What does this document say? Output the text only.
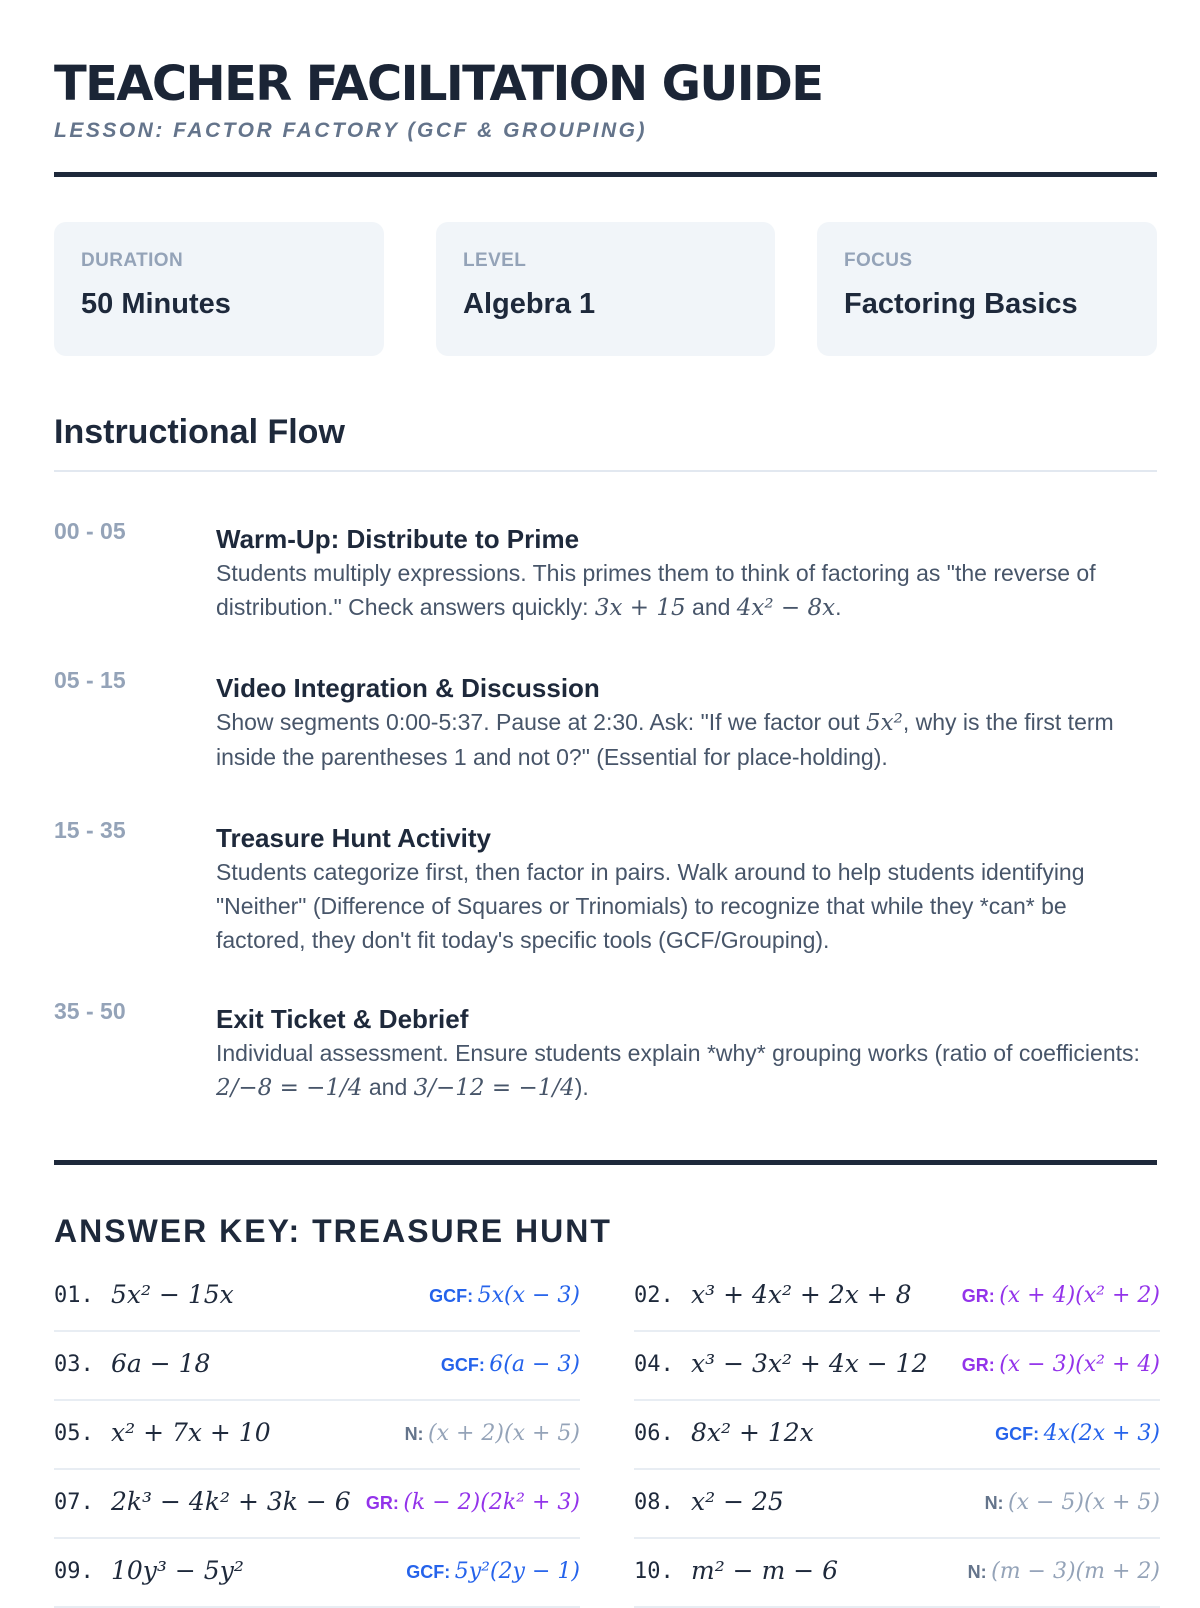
TEACHER FACILITATION GUIDE
LESSON: FACTOR FACTORY (GCF & GROUPING)
DURATION
50 Minutes
LEVEL
Algebra 1
FOCUS
Factoring Basics
Instructional Flow
00 - 05	Warm-Up: Distribute to Prime
Students multiply expressions. This primes them to think of factoring as "the reverse of distribution." Check answers quickly: 3x + 15 and 4x² − 8x.
05 - 15	Video Integration & Discussion
Show segments 0:00-5:37. Pause at 2:30. Ask: "If we factor out 5x², why is the first term inside the parentheses 1 and not 0?" (Essential for place-holding).
15 - 35	Treasure Hunt Activity
Students categorize first, then factor in pairs. Walk around to help students identifying "Neither" (Difference of Squares or Trinomials) to recognize that while they *can* be factored, they don't fit today's specific tools (GCF/Grouping).
35 - 50	Exit Ticket & Debrief
Individual assessment. Ensure students explain *why* grouping works (ratio of coefficients: 2/−8 = −1/4 and 3/−12 = −1/4).
ANSWER KEY: TREASURE HUNT
01. 5x² − 15x	GCF: 5x(x − 3) 02. x³ + 4x² + 2x + 8	GR: (x + 4)(x² + 2)
03. 6a − 18	GCF: 6(a − 3) 04. x³ − 3x² + 4x − 12 GR: (x − 3)(x² + 4)
05. x² + 7x + 10	N: (x + 2)(x + 5) 06. 8x² + 12x	GCF: 4x(2x + 3)
07. 2k³ − 4k² + 3k − 6 GR: (k − 2)(2k² + 3) 08. x² − 25	N: (x − 5)(x + 5)
09. 10y³ − 5y²	GCF: 5y²(2y − 1) 10. m² − m − 6	N: (m − 3)(m + 2)
